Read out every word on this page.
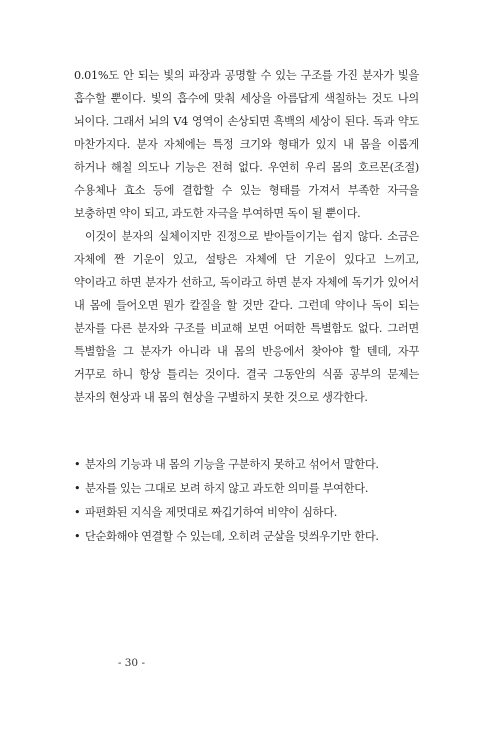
0.01%도 안 되는 빛의 파장과 공명할 수 있는 구조를 가진 분자가 빛을 흡수할 뿐이다. 빛의 흡수에 맞춰 세상을 아름답게 색칠하는 것도 나의 뇌이다. 그래서 뇌의 V4 영역이 손상되면 흑백의 세상이 된다. 독과 약도 마찬가지다. 분자 자체에는 특정 크기와 형태가 있지 내 몸을 이롭게 하거나 해칠 의도나 기능은 전혀 없다. 우연히 우리 몸의 호르몬(조절) 수용체나 효소 등에 결합할 수 있는 형태를 가져서 부족한 자극을 보충하면 약이 되고, 과도한 자극을 부여하면 독이 될 뿐이다.

이것이 분자의 실체이지만 진정으로 받아들이기는 쉽지 않다. 소금은 자체에 짠 기운이 있고, 설탕은 자체에 단 기운이 있다고 느끼고, 약이라고 하면 분자가 선하고, 독이라고 하면 분자 자체에 독기가 있어서 내 몸에 들어오면 뭔가 칼질을 할 것만 같다. 그런데 약이나 독이 되는 분자를 다른 분자와 구조를 비교해 보면 어떠한 특별함도 없다. 그러면 특별함을 그 분자가 아니라 내 몸의 반응에서 찾아야 할 텐데, 자꾸 거꾸로 하니 항상 틀리는 것이다. 결국 그동안의 식품 공부의 문제는 분자의 현상과 내 몸의 현상을 구별하지 못한 것으로 생각한다.

• 분자의 기능과 내 몸의 기능을 구분하지 못하고 섞어서 말한다.
• 분자를 있는 그대로 보려 하지 않고 과도한 의미를 부여한다.
• 파편화된 지식을 제멋대로 짜깁기하여 비약이 심하다.
• 단순화해야 연결할 수 있는데, 오히려 군살을 덧씌우기만 한다.
- 30 -
